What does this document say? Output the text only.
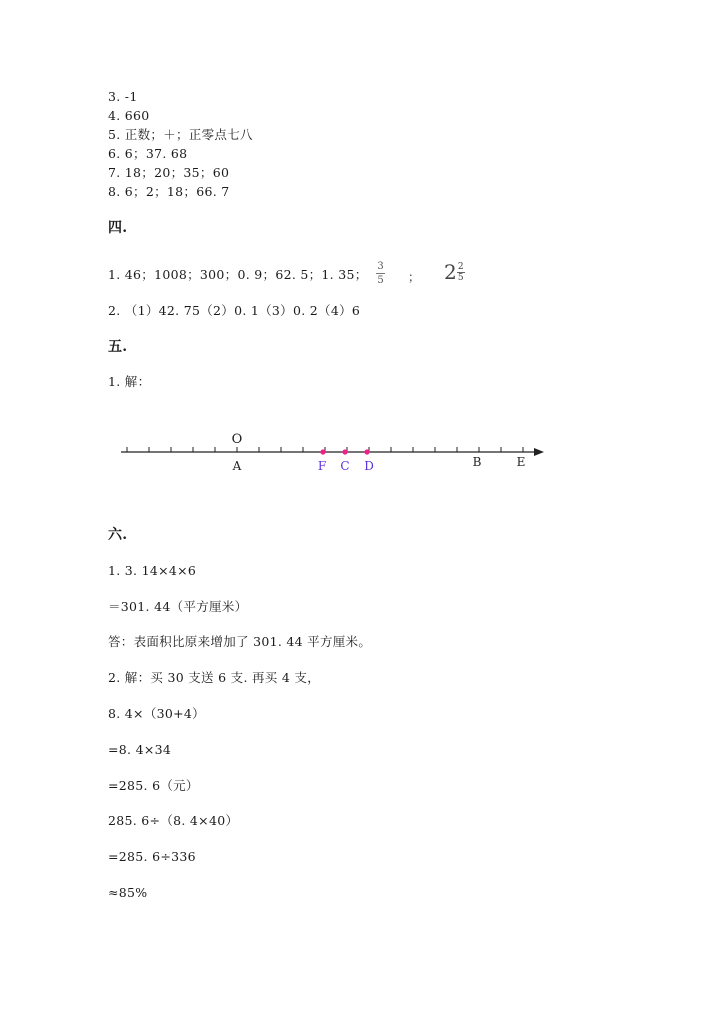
3. -1
4. 660
5. 正数；＋；正零点七八
6. 6；37. 68
7. 18；20；35；60
8. 6；2；18；66. 7
四.
1. 46；1008；300；0. 9；62. 5；1. 35；
3
5 ； $2 \frac{2}{5}$
2. （1）42. 75（2）0. 1（3）0. 2（4）6
五.
1. 解：
O
A	F C D	B	E
六.
1. 3. 14×4×6
＝301. 44（平方厘米）
答：表面积比原来增加了 301. 44 平方厘米。
2. 解：买 30 支送 6 支. 再买 4 支，
8. 4×（30+4）
=8. 4×34
=285. 6（元）
285. 6÷（8. 4×40）
=285. 6÷336
≈85%
